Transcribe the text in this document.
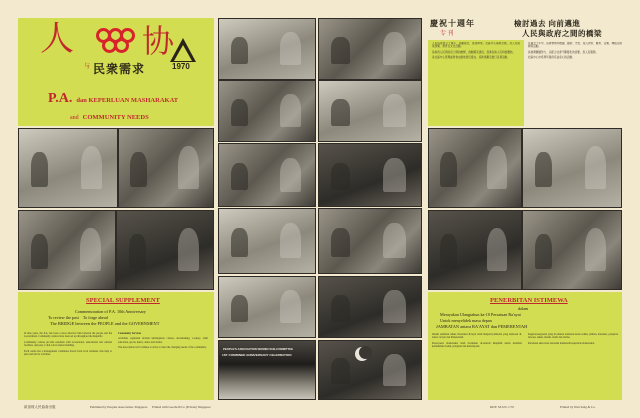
人 协
与 民衆需求	1970
P.A. dan KEPERLUAN MASHARAKAT
and COMMUNITY NEEDS
SPECIAL SUPPLEMENT
Commemoration of P.A. 10th Anniversary
To review the past    To forge ahead
The BRIDGE between the PEOPLE and the GOVERNMENT

In nine years, the P.A. has been a most effective link between the people and the Government. Community centres have been set up throughout the Republic.

Community centres provide residents with recreational, educational and cultural facilities, and play a vital role in nation building.

Each centre has a management committee drawn from local residents who help to plan and run its activities.

Community Services

Activities organized include kindergarten classes, dressmaking, cookery, adult education, sports, music, dance and drama.

The Association will continue to strive to meet the changing needs of the community.	PEOPLE'S ASSOCIATION WOMEN SUB-COMMITTEE
1ST COMBINED ANNIVERSARY CELEBRATION
慶祝十週年
专 刊
檢討過去 向前邁進
人民與政府之間的橋梁

人民協會成立十週年，回顧過去，展望將來。社區中心遍佈全國，為人民提供康樂、教育及文化活動。

協會爲人民與政府之間的橋樑，推動國家建設，促進各族人民和諧團結。

各社區中心管理委員會由當地居民組成，協助策劃及推行各項活動。

在過去十年中，協會舉辦幼稚園、縫紉、烹飪、成人教育、體育、音樂、舞蹈及戲劇等活動。

協會將繼續努力，以配合社會不斷變化的需要，爲人民服務。

社區中心亦爲青年提供有益身心的活動。

PENERBITAN ISTIMEWA
dalam
Merayakan Ulangtahun ka-10 Persatuan Ra'ayat
Untok menyelidek masa depan
JAMBATAN antara RA'AYAT dan PEMERENTAH

Dalam sembilan tahun, Persatuan Ra'ayat telah menjadi jambatan yang berkesan di-antara ra'ayat dan Pemerentah.

Pusat-pusat masharakat telah di-dirikan di-seluroh Republik untok memberi kemudahan riadah, pelajaran dan kebudayaan.

Kegiatan-kegiatan yang di-adakan termasok kelas tadika, jahitan, masakan, pelajaran dewasa, sukan, muzik, tarian dan drama.

Persatuan akan terus berusaha memenohi keperluan masharakat.

新加坡人民協會出版	Published by Peoples Association, Singapore Printed with Goodwill Co (Private) Singapore	KDY. M.S.N. 1/70	Printed by Wan Seng & Co.
